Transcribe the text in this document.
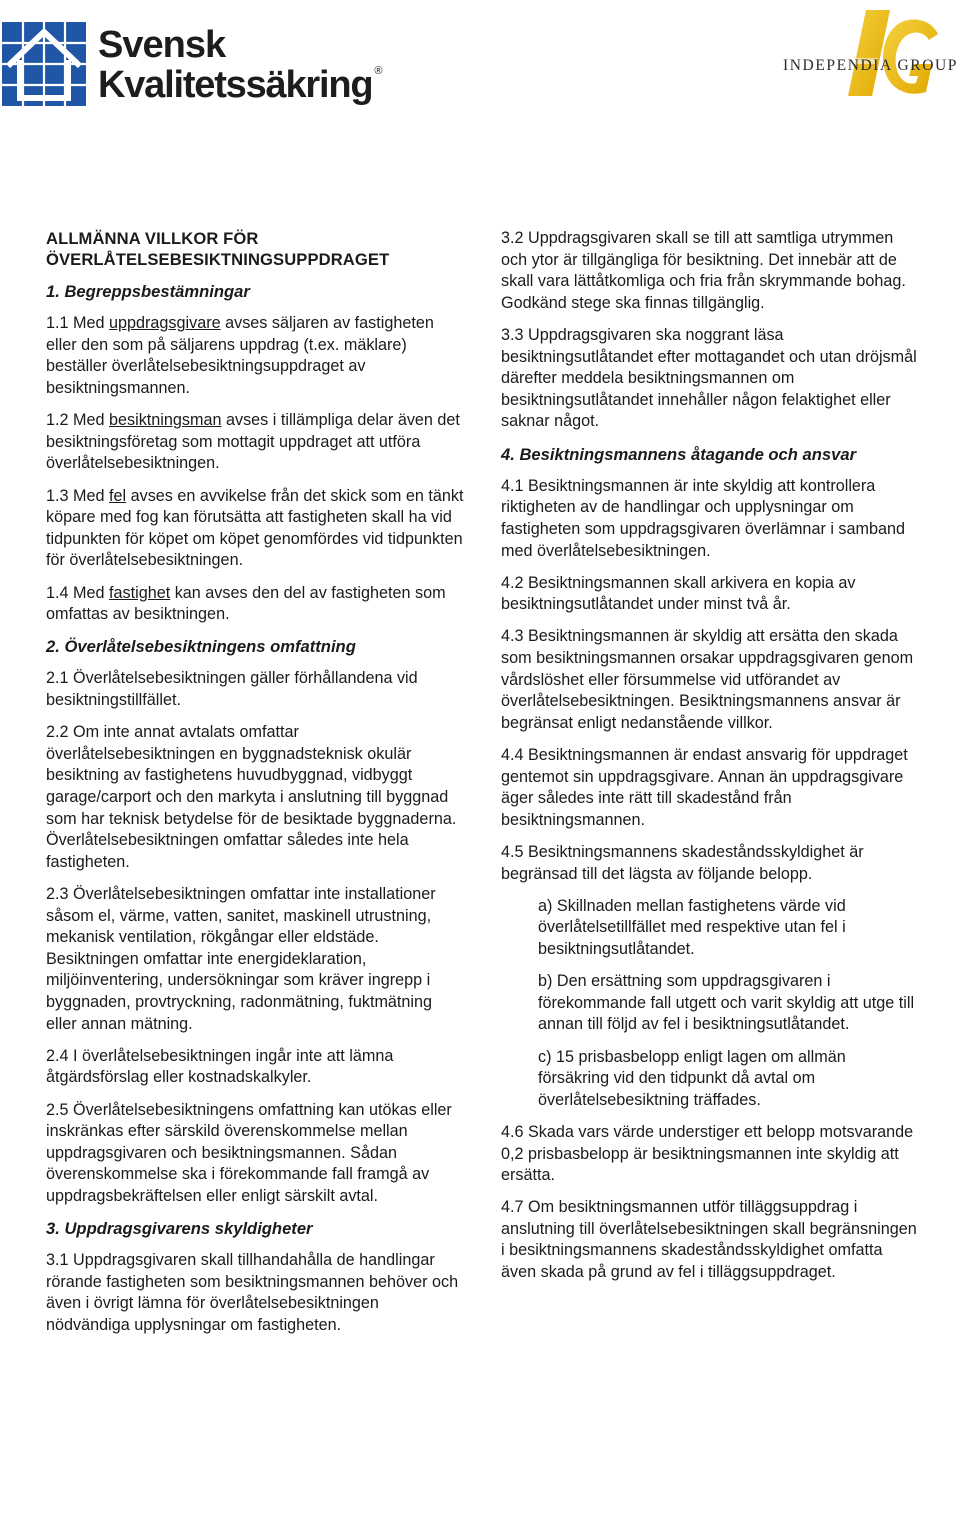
Svensk
Kvalitetssäkring ®	INDEPENDIA GROUP
ALLMÄNNA VILLKOR FÖR
ÖVERLÅTELSEBESIKTNINGSUPPDRAGET
1. Begreppsbestämningar

1.1 Med uppdragsgivare avses säljaren av fastigheten eller den som på säljarens uppdrag (t.ex. mäklare) beställer överlåtelsebesiktningsuppdraget av besiktningsmannen.

1.2 Med besiktningsman avses i tillämpliga delar även det besiktningsföretag som mottagit uppdraget att utföra överlåtelsebesiktningen.

1.3 Med fel avses en avvikelse från det skick som en tänkt köpare med fog kan förutsätta att fastigheten skall ha vid tidpunkten för köpet om köpet genomfördes vid tidpunkten för överlåtelsebesiktningen.

1.4 Med fastighet kan avses den del av fastigheten som omfattas av besiktningen.

2. Överlåtelsebesiktningens omfattning

2.1 Överlåtelsebesiktningen gäller förhållandena vid besiktningstillfället.

2.2 Om inte annat avtalats omfattar överlåtelsebesiktningen en byggnadsteknisk okulär besiktning av fastighetens huvudbyggnad, vidbyggt garage/carport och den markyta i anslutning till byggnad som har teknisk betydelse för de besiktade byggnaderna. Överlåtelsebesiktningen omfattar således inte hela fastigheten.

2.3 Överlåtelsebesiktningen omfattar inte installationer såsom el, värme, vatten, sanitet, maskinell utrustning, mekanisk ventilation, rökgångar eller eldstäde. Besiktningen omfattar inte energideklaration, miljöinventering, undersökningar som kräver ingrepp i byggnaden, provtryckning, radonmätning, fuktmätning eller annan mätning.

2.4 I överlåtelsebesiktningen ingår inte att lämna åtgärdsförslag eller kostnadskalkyler.

2.5 Överlåtelsebesiktningens omfattning kan utökas eller inskränkas efter särskild överenskommelse mellan uppdragsgivaren och besiktningsmannen. Sådan överenskommelse ska i förekommande fall framgå av uppdragsbekräftelsen eller enligt särskilt avtal.

3. Uppdragsgivarens skyldigheter

3.1 Uppdragsgivaren skall tillhandahålla de handlingar rörande fastigheten som besiktningsmannen behöver och även i övrigt lämna för överlåtelsebesiktningen nödvändiga upplysningar om fastigheten.

3.2 Uppdragsgivaren skall se till att samtliga utrymmen och ytor är tillgängliga för besiktning. Det innebär att de skall vara lättåtkomliga och fria från skrymmande bohag. Godkänd stege ska finnas tillgänglig.

3.3 Uppdragsgivaren ska noggrant läsa besiktningsutlåtandet efter mottagandet och utan dröjsmål därefter meddela besiktningsmannen om besiktningsutlåtandet innehåller någon felaktighet eller saknar något.

4. Besiktningsmannens åtagande och ansvar

4.1 Besiktningsmannen är inte skyldig att kontrollera riktigheten av de handlingar och upplysningar om fastigheten som uppdragsgivaren överlämnar i samband med överlåtelsebesiktningen.

4.2 Besiktningsmannen skall arkivera en kopia av besiktningsutlåtandet under minst två år.

4.3 Besiktningsmannen är skyldig att ersätta den skada som besiktningsmannen orsakar uppdragsgivaren genom vårdslöshet eller försummelse vid utförandet av överlåtelsebesiktningen. Besiktningsmannens ansvar är begränsat enligt nedanstående villkor.

4.4 Besiktningsmannen är endast ansvarig för uppdraget gentemot sin uppdragsgivare. Annan än uppdragsgivare äger således inte rätt till skadestånd från besiktningsmannen.

4.5 Besiktningsmannens skadeståndsskyldighet är begränsad till det lägsta av följande belopp.

a) Skillnaden mellan fastighetens värde vid överlåtelsetillfället med respektive utan fel i besiktningsutlåtandet.

b) Den ersättning som uppdragsgivaren i förekommande fall utgett och varit skyldig att utge till annan till följd av fel i besiktningsutlåtandet.

c) 15 prisbasbelopp enligt lagen om allmän försäkring vid den tidpunkt då avtal om överlåtelsebesiktning träffades.

4.6 Skada vars värde understiger ett belopp motsvarande 0,2 prisbasbelopp är besiktningsmannen inte skyldig att ersätta.

4.7 Om besiktningsmannen utför tilläggsuppdrag i anslutning till överlåtelsebesiktningen skall begränsningen i besiktningsmannens skadeståndsskyldighet omfatta även skada på grund av fel i tilläggsuppdraget.
